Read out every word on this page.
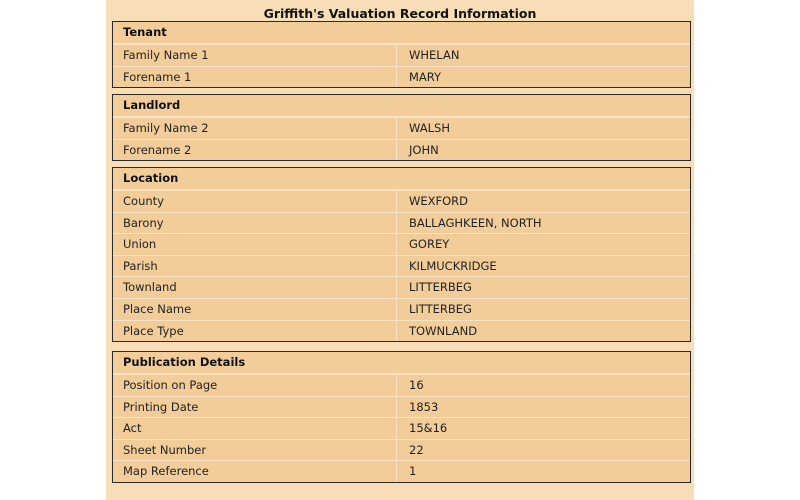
Griffith's Valuation Record Information
Tenant
Family Name 1	WHELAN
Forename 1	MARY
Landlord
Family Name 2	WALSH
Forename 2	JOHN
Location
County	WEXFORD
Barony	BALLAGHKEEN, NORTH
Union	GOREY
Parish	KILMUCKRIDGE
Townland	LITTERBEG
Place Name	LITTERBEG
Place Type	TOWNLAND
Publication Details
Position on Page	16
Printing Date	1853
Act	15&16
Sheet Number	22
Map Reference	1
